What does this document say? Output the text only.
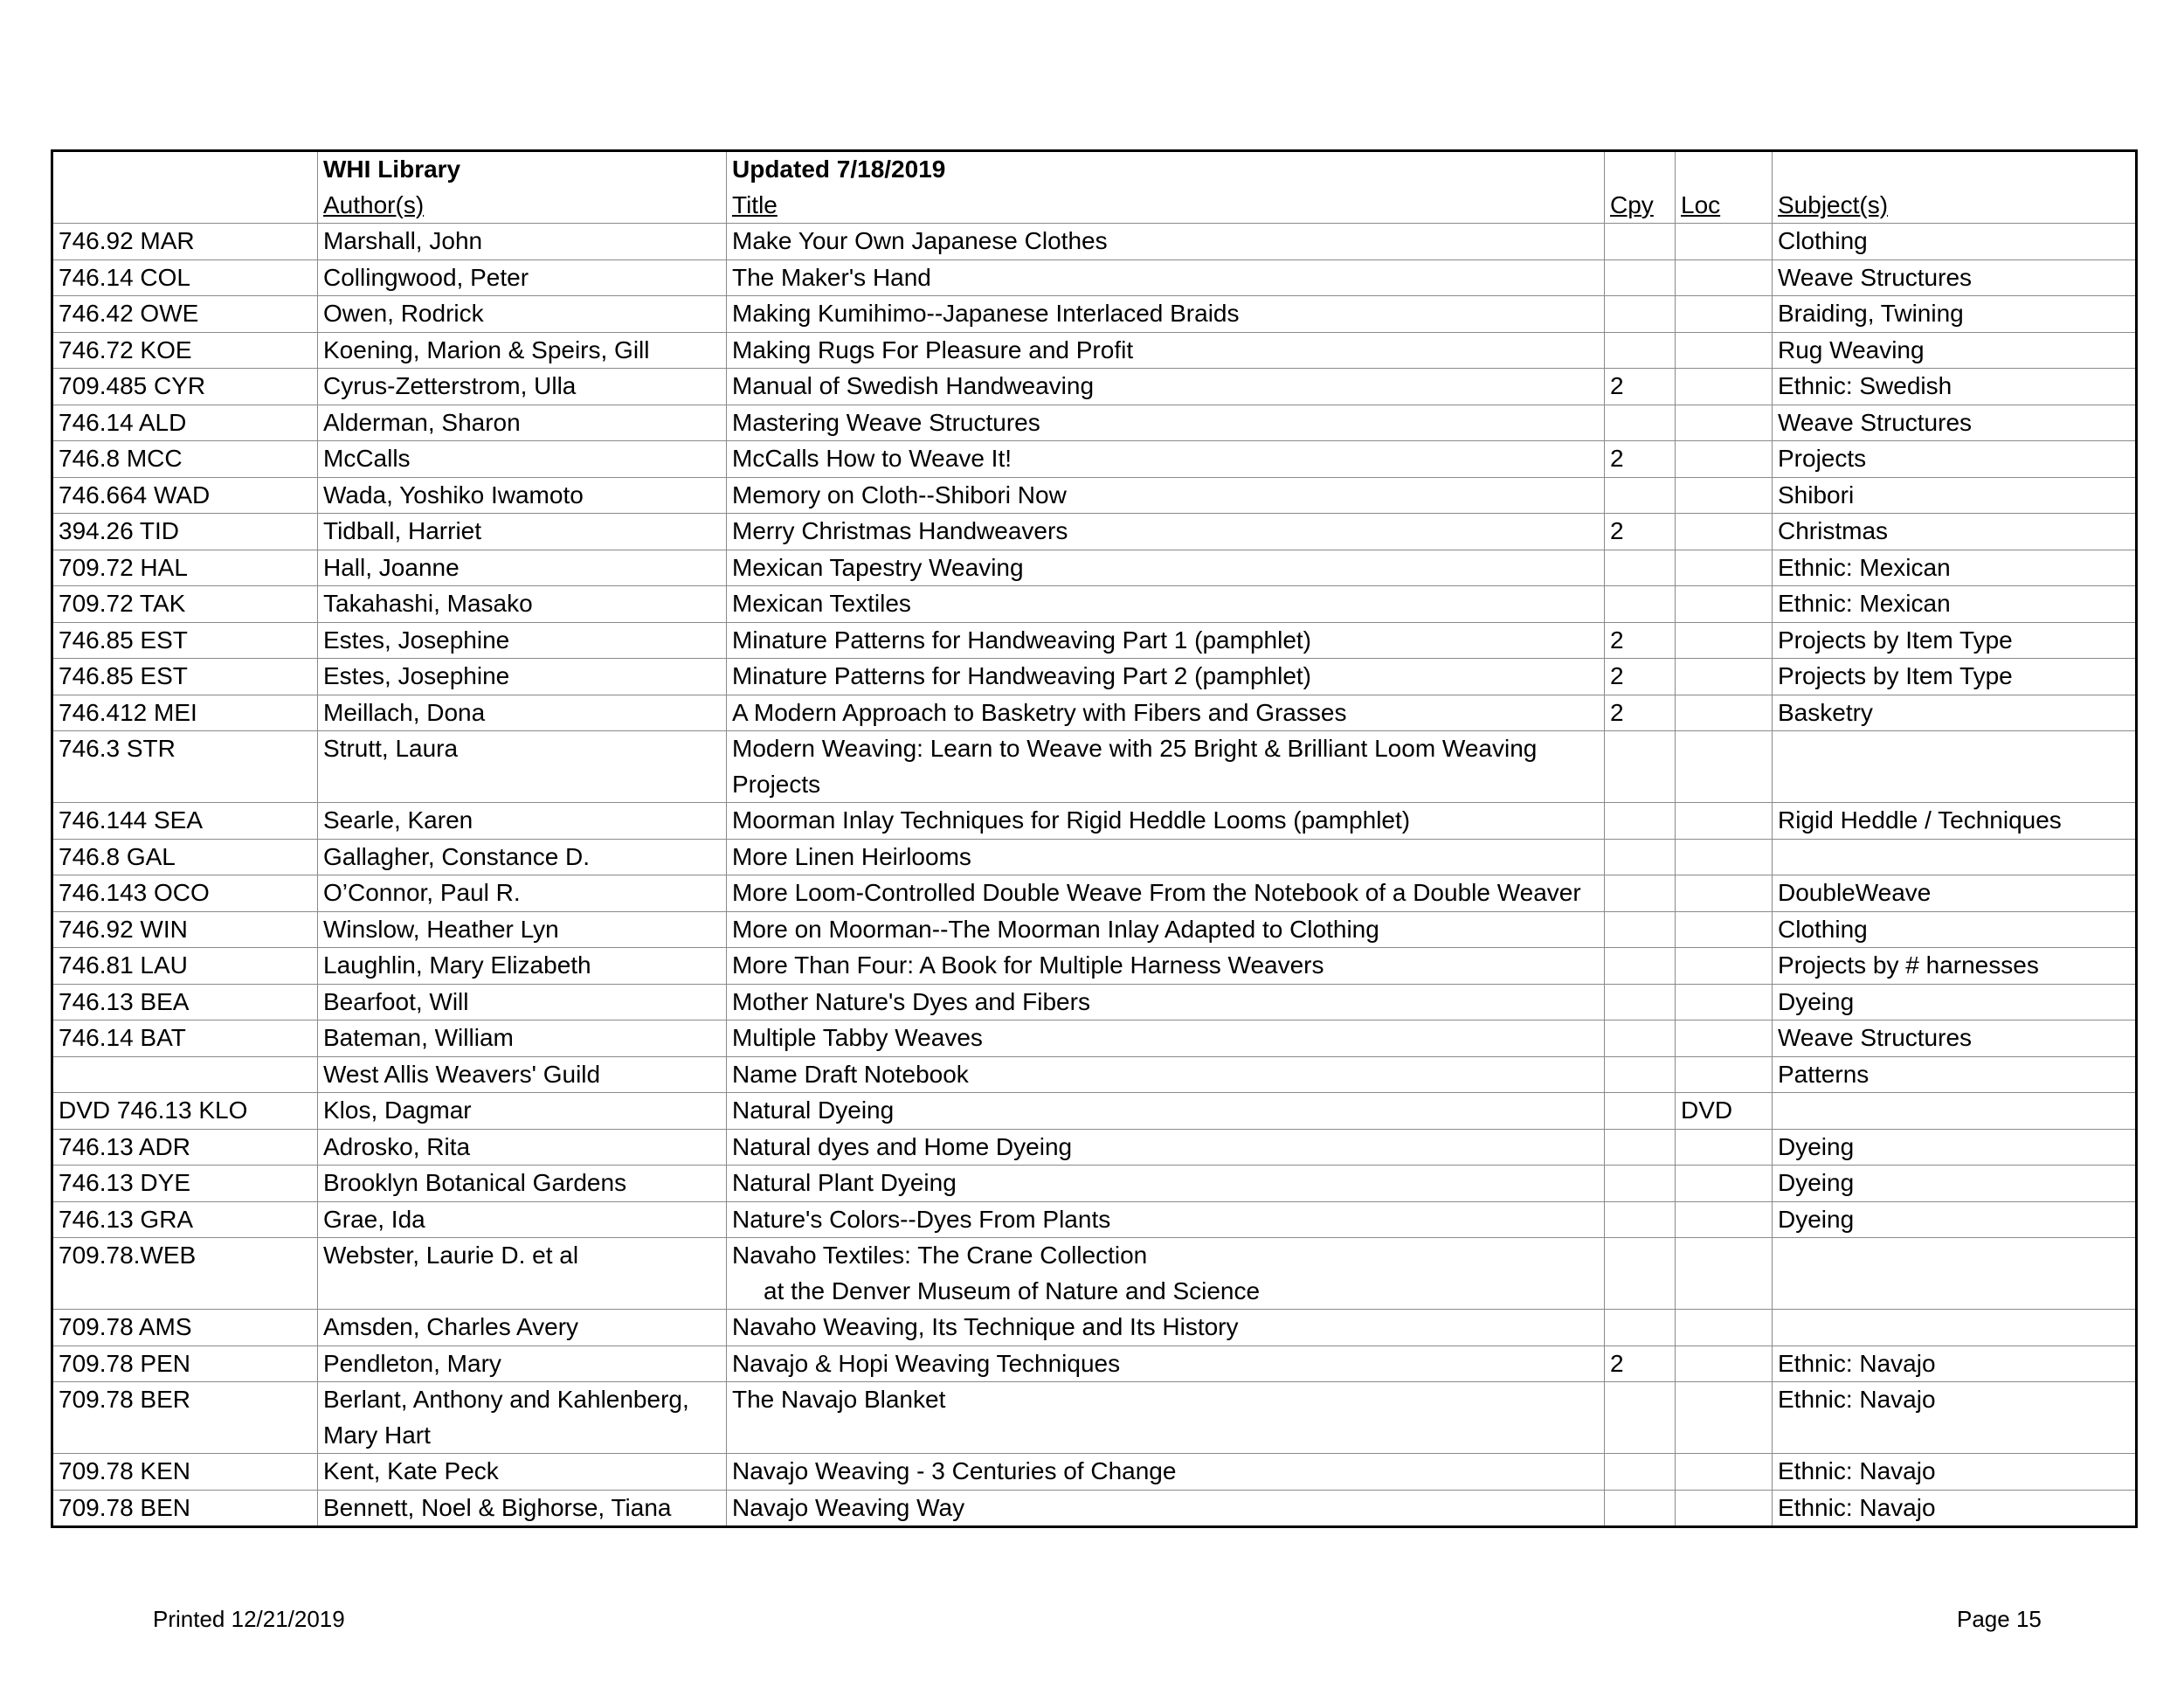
	WHI Library	Updated 7/18/2019			
	Author(s)	Title	Cpy	Loc	Subject(s)
746.92 MAR	Marshall, John	Make Your Own Japanese Clothes			Clothing
746.14 COL	Collingwood, Peter	The Maker's Hand			Weave Structures
746.42 OWE	Owen, Rodrick	Making Kumihimo--Japanese Interlaced Braids			Braiding, Twining
746.72 KOE	Koening, Marion & Speirs, Gill	Making Rugs For Pleasure and Profit			Rug Weaving
709.485 CYR	Cyrus-Zetterstrom, Ulla	Manual of Swedish Handweaving	2		Ethnic: Swedish
746.14 ALD	Alderman, Sharon	Mastering Weave Structures			Weave Structures
746.8 MCC	McCalls	McCalls How to Weave It!	2		Projects
746.664 WAD	Wada, Yoshiko Iwamoto	Memory on Cloth--Shibori Now			Shibori
394.26 TID	Tidball, Harriet	Merry Christmas Handweavers	2		Christmas
709.72 HAL	Hall, Joanne	Mexican Tapestry Weaving			Ethnic: Mexican
709.72 TAK	Takahashi, Masako	Mexican Textiles			Ethnic: Mexican
746.85 EST	Estes, Josephine	Minature Patterns for Handweaving Part 1 (pamphlet)	2		Projects by Item Type
746.85 EST	Estes, Josephine	Minature Patterns for Handweaving Part 2 (pamphlet)	2		Projects by Item Type
746.412 MEI	Meillach, Dona	A Modern Approach to Basketry with Fibers and Grasses	2		Basketry
746.3 STR	Strutt, Laura	Modern Weaving: Learn to Weave with 25 Bright & Brilliant Loom Weaving Projects			
746.144 SEA	Searle, Karen	Moorman Inlay Techniques for Rigid Heddle Looms (pamphlet)			Rigid Heddle / Techniques
746.8 GAL	Gallagher, Constance D.	More Linen Heirlooms			
746.143 OCO	O’Connor, Paul R.	More Loom-Controlled Double Weave From the Notebook of a Double Weaver			DoubleWeave
746.92 WIN	Winslow, Heather Lyn	More on Moorman--The Moorman Inlay Adapted to Clothing			Clothing
746.81 LAU	Laughlin, Mary Elizabeth	More Than Four: A Book for Multiple Harness Weavers			Projects by # harnesses
746.13 BEA	Bearfoot, Will	Mother Nature's Dyes and Fibers			Dyeing
746.14 BAT	Bateman, William	Multiple Tabby Weaves			Weave Structures
	West Allis Weavers' Guild	Name Draft Notebook			Patterns
DVD 746.13 KLO	Klos, Dagmar	Natural Dyeing		DVD	
746.13 ADR	Adrosko, Rita	Natural dyes and Home Dyeing			Dyeing
746.13 DYE	Brooklyn Botanical Gardens	Natural Plant Dyeing			Dyeing
746.13 GRA	Grae, Ida	Nature's Colors--Dyes From Plants			Dyeing
709.78.WEB	Webster, Laurie D. et al	Navaho Textiles: The Crane Collection
at the Denver Museum of Nature and Science			
709.78 AMS	Amsden, Charles Avery	Navaho Weaving, Its Technique and Its History			
709.78 PEN	Pendleton, Mary	Navajo & Hopi Weaving Techniques	2		Ethnic: Navajo
709.78 BER	Berlant, Anthony and Kahlenberg, Mary Hart	The Navajo Blanket			Ethnic: Navajo
709.78 KEN	Kent, Kate Peck	Navajo Weaving - 3 Centuries of Change			Ethnic: Navajo
709.78 BEN	Bennett, Noel & Bighorse, Tiana	Navajo Weaving Way			Ethnic: Navajo
Printed 12/21/2019	Page 15
